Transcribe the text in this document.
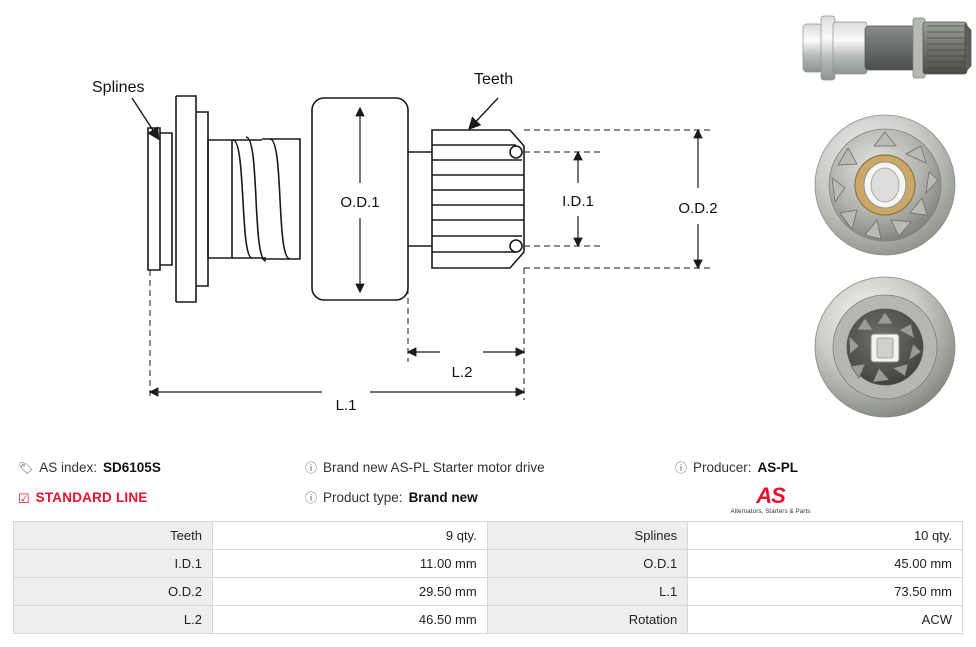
Splines	Teeth
O.D.1	I.D.1	O.D.2
L.2
L.1
🏷 AS index: SD6105S
☑ STANDARD LINE
ⓘ Brand new AS-PL Starter motor drive
ⓘ Product type: Brand new
ⓘ Producer: AS-PL
AS
Alternators, Starters & Parts
Teeth	9 qty.	Splines	10 qty.
I.D.1	11.00 mm	O.D.1	45.00 mm
O.D.2	29.50 mm	L.1	73.50 mm
L.2	46.50 mm	Rotation	ACW
